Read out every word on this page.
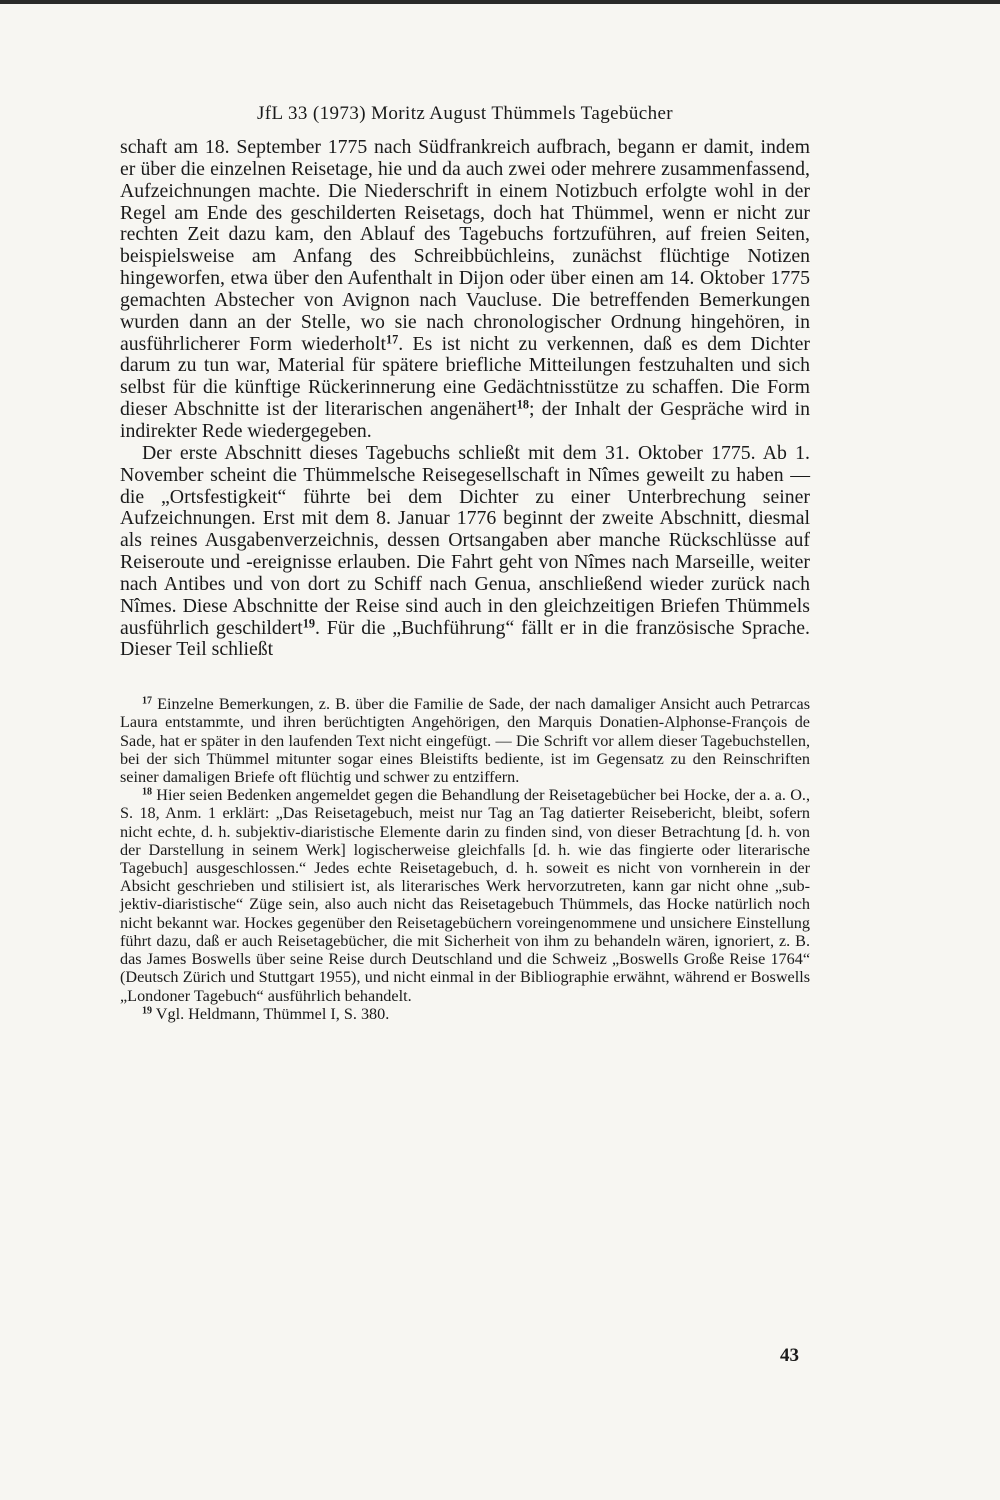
JfL 33 (1973) Moritz August Thümmels Tagebücher

schaft am 18. September 1775 nach Südfrankreich aufbrach, begann er damit, indem er über die einzelnen Reisetage, hie und da auch zwei oder mehrere zusammenfassend, Aufzeichnungen machte. Die Niederschrift in einem Notizbuch erfolgte wohl in der Regel am Ende des geschilderten Reisetags, doch hat Thümmel, wenn er nicht zur rechten Zeit dazu kam, den Ablauf des Tagebuchs fortzuführen, auf freien Seiten, beispielsweise am Anfang des Schreibbüchleins, zunächst flüchtige Notizen hingeworfen, etwa über den Aufenthalt in Dijon oder über einen am 14. Oktober 1775 gemachten Abstecher von Avignon nach Vaucluse. Die betreffenden Bemerkungen wurden dann an der Stelle, wo sie nach chronologischer Ordnung hingehören, in ausführlicherer Form wiederholt$^{17}$. Es ist nicht zu verkennen, daß es dem Dichter darum zu tun war, Material für spätere briefliche Mitteilungen festzuhalten und sich selbst für die künftige Rückerinnerung eine Gedächtnisstütze zu schaffen. Die Form dieser Abschnitte ist der literarischen angenähert$^{18}$; der Inhalt der Gespräche wird in indirekter Rede wiedergegeben.

Der erste Abschnitt dieses Tagebuchs schließt mit dem 31. Oktober 1775. Ab 1. November scheint die Thümmelsche Reisegesellschaft in Nîmes geweilt zu haben — die „Ortsfestigkeit“ führte bei dem Dichter zu einer Unterbrechung seiner Aufzeichnungen. Erst mit dem 8. Januar 1776 beginnt der zweite Abschnitt, diesmal als reines Ausgabenverzeichnis, dessen Ortsangaben aber manche Rückschlüsse auf Reiseroute und -ereignisse erlauben. Die Fahrt geht von Nîmes nach Marseille, weiter nach Antibes und von dort zu Schiff nach Genua, anschließend wieder zurück nach Nîmes. Diese Abschnitte der Reise sind auch in den gleichzeitigen Briefen Thümmels ausführlich geschildert$^{19}$. Für die „Buchführung“ fällt er in die französische Sprache. Dieser Teil schließt

$^{17}$ Einzelne Bemerkungen, z. B. über die Familie de Sade, der nach damaliger Ansicht auch Petrarcas Laura entstammte, und ihren berüchtigten Angehörigen, den Marquis Donatien-Alphonse-François de Sade, hat er später in den laufenden Text nicht eingefügt. — Die Schrift vor allem dieser Tagebuchstellen, bei der sich Thümmel mitunter sogar eines Bleistifts bediente, ist im Gegensatz zu den Reinschriften seiner damaligen Briefe oft flüchtig und schwer zu entziffern.

$^{18}$ Hier seien Bedenken angemeldet gegen die Behandlung der Reisetagebücher bei Hocke, der a. a. O., S. 18, Anm. 1 erklärt: „Das Reisetagebuch, meist nur Tag an Tag datierter Reisebericht, bleibt, sofern nicht echte, d. h. subjektiv-diaristische Elemente darin zu finden sind, von dieser Betrachtung [d. h. von der Darstellung in seinem Werk] logischerweise gleichfalls [d. h. wie das fingierte oder literarische Tagebuch] ausgeschlossen.“ Jedes echte Reisetagebuch, d. h. soweit es nicht von vornherein in der Absicht geschrieben und stilisiert ist, als literarisches Werk hervorzutreten, kann gar nicht ohne „subjektiv-diaristische“ Züge sein, also auch nicht das Reisetagebuch Thümmels, das Hocke natürlich noch nicht bekannt war. Hockes gegenüber den Reisetagebüchern voreingenommene und unsichere Einstellung führt dazu, daß er auch Reisetagebücher, die mit Sicherheit von ihm zu behandeln wären, ignoriert, z. B. das James Boswells über seine Reise durch Deutschland und die Schweiz „Boswells Große Reise 1764“ (Deutsch Zürich und Stuttgart 1955), und nicht einmal in der Bibliographie erwähnt, während er Boswells „Londoner Tagebuch“ ausführlich behandelt.

$^{19}$ Vgl. Heldmann, Thümmel I, S. 380.

43
